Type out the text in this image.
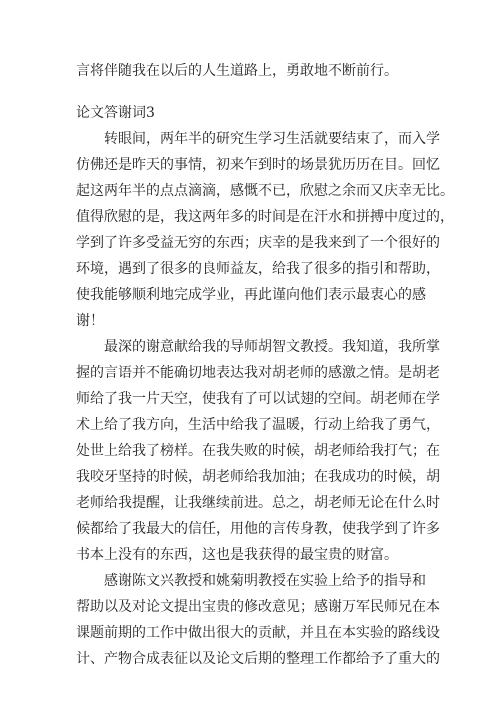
言将伴随我在以后的人生道路上，勇敢地不断前行。
论文答谢词3
转眼间，两年半的研究生学习生活就要结束了，而入学
仿佛还是昨天的事情，初来乍到时的场景犹历历在目。回忆
起这两年半的点点滴滴，感慨不已，欣慰之余而又庆幸无比。
值得欣慰的是，我这两年多的时间是在汗水和拼搏中度过的，
学到了许多受益无穷的东西；庆幸的是我来到了一个很好的
环境，遇到了很多的良师益友，给我了很多的指引和帮助，
使我能够顺利地完成学业，再此谨向他们表示最衷心的感
谢！
最深的谢意献给我的导师胡智文教授。我知道，我所掌
握的言语并不能确切地表达我对胡老师的感激之情。是胡老
师给了我一片天空，使我有了可以试翅的空间。胡老师在学
术上给了我方向，生活中给我了温暖，行动上给我了勇气，
处世上给我了榜样。在我失败的时候，胡老师给我打气；在
我咬牙坚持的时候，胡老师给我加油；在我成功的时候，胡
老师给我提醒，让我继续前进。总之，胡老师无论在什么时
候都给了我最大的信任，用他的言传身教，使我学到了许多
书本上没有的东西，这也是我获得的最宝贵的财富。
感谢陈文兴教授和姚菊明教授在实验上给予的指导和
帮助以及对论文提出宝贵的修改意见；感谢万军民师兄在本
课题前期的工作中做出很大的贡献，并且在本实验的路线设
计、产物合成表征以及论文后期的整理工作都给予了重大的
